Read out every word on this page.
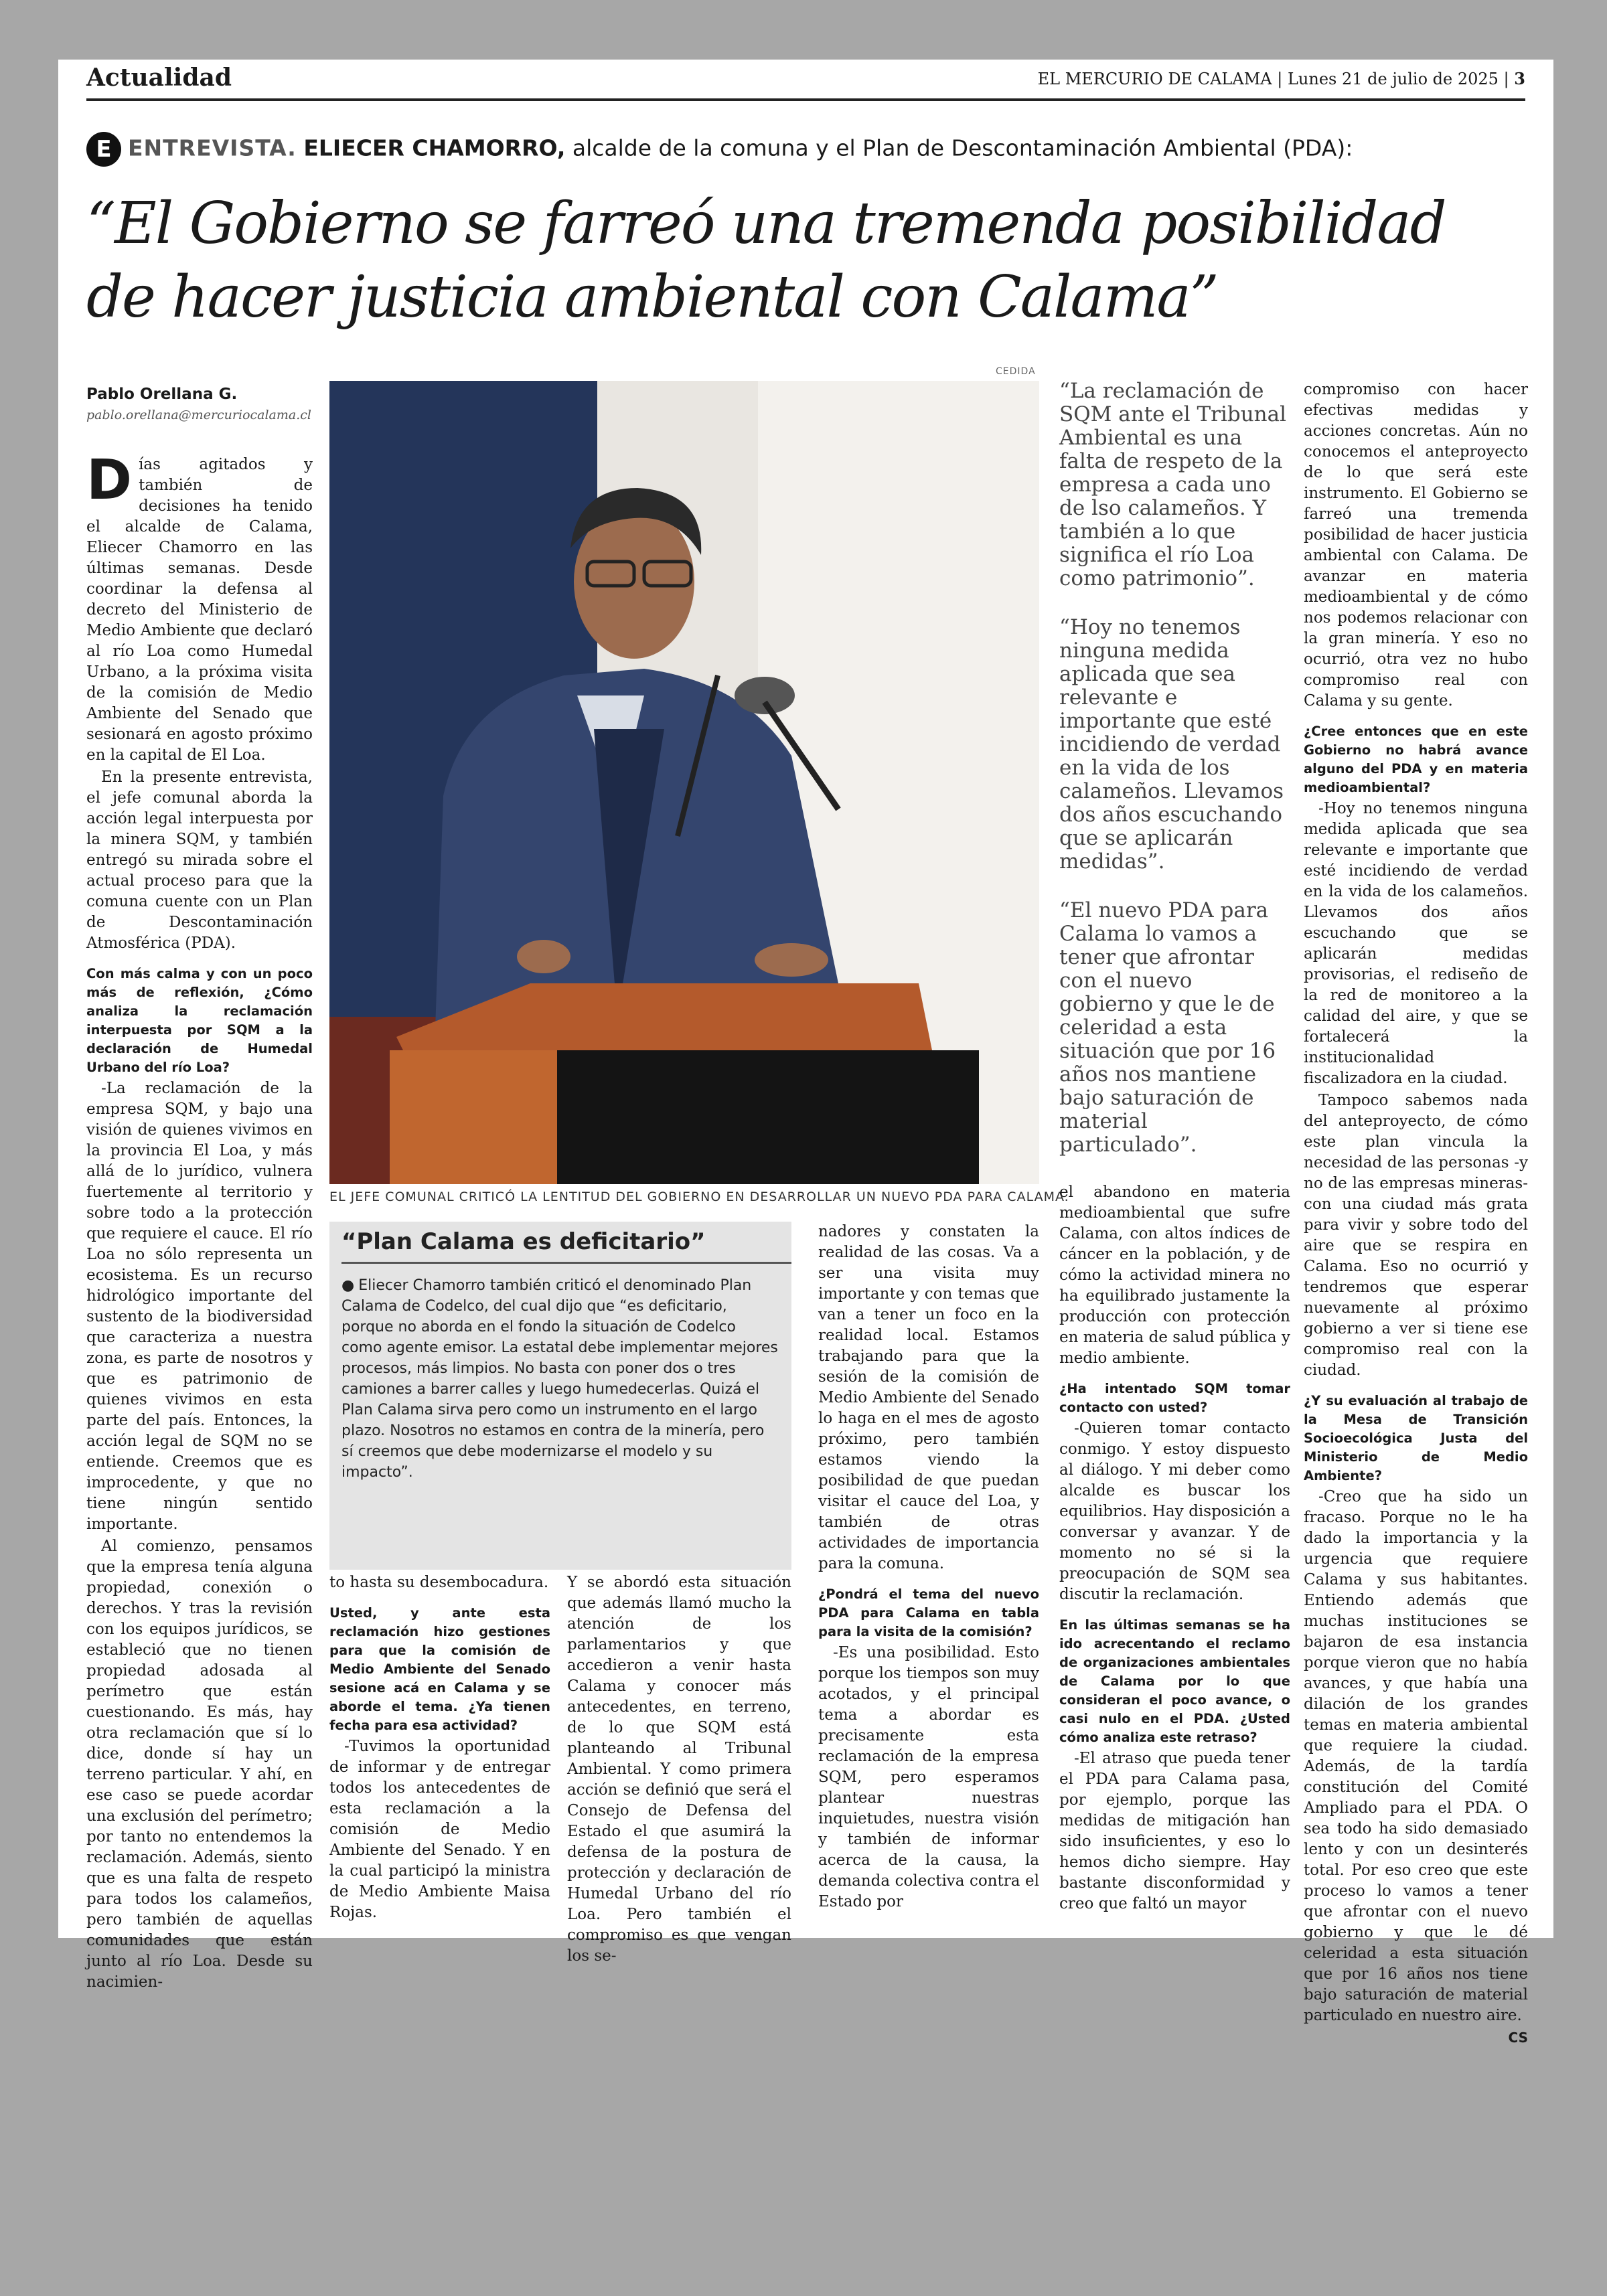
Actualidad	EL MERCURIO DE CALAMA | Lunes 21 de julio de 2025 | 3
E ENTREVISTA. ELIECER CHAMORRO, alcalde de la comuna y el Plan de Descontaminación Ambiental (PDA):
“El Gobierno se farreó una tremenda posibilidad
de hacer justicia ambiental con Calama”
Pablo Orellana G.
pablo.orellana@mercuriocalama.cl
CEDIDA
EL JEFE COMUNAL CRITICÓ LA LENTITUD DEL GOBIERNO EN DESARROLLAR UN NUEVO PDA PARA CALAMA.

Días agitados y también de decisiones ha tenido el alcalde de Calama, Eliecer Chamorro en las últimas semanas. Desde coordinar la defensa al decreto del Ministerio de Medio Ambiente que declaró al río Loa como Humedal Urbano, a la próxima visita de la comisión de Medio Ambiente del Senado que sesionará en agosto próximo en la capital de El Loa.

En la presente entrevista, el jefe comunal aborda la acción legal interpuesta por la minera SQM, y también entregó su mirada sobre el actual proceso para que la comuna cuente con un Plan de Descontaminación Atmosférica (PDA).

Con más calma y con un poco más de reflexión, ¿Cómo analiza la reclamación interpuesta por SQM a la declaración de Humedal Urbano del río Loa?

-La reclamación de la empresa SQM, y bajo una visión de quienes vivimos en la provincia El Loa, y más allá de lo jurídico, vulnera fuertemente al territorio y sobre todo a la protección que requiere el cauce. El río Loa no sólo representa un ecosistema. Es un recurso hidrológico importante del sustento de la biodiversidad que caracteriza a nuestra zona, es parte de nosotros y que es patrimonio de quienes vivimos en esta parte del país. Entonces, la acción legal de SQM no se entiende. Creemos que es improcedente, y que no tiene ningún sentido importante.

Al comienzo, pensamos que la empresa tenía alguna propiedad, conexión o derechos. Y tras la revisión con los equipos jurídicos, se estableció que no tienen propiedad adosada al perímetro que están cuestionando. Es más, hay otra reclamación que sí lo dice, donde sí hay un terreno particular. Y ahí, en ese caso se puede acordar una exclusión del perímetro; por tanto no entendemos la reclamación. Además, siento que es una falta de respeto para todos los calameños, pero también de aquellas comunidades que están junto al río Loa. Desde su nacimien-

“Plan Calama es deficitario”
● Eliecer Chamorro también criticó el denominado Plan Calama de Codelco, del cual dijo que “es deficitario, porque no aborda en el fondo la situación de Codelco como agente emisor. La estatal debe implementar mejores procesos, más limpios. No basta con poner dos o tres camiones a barrer calles y luego humedecerlas. Quizá el Plan Calama sirva pero como un instrumento en el largo plazo. Nosotros no estamos en contra de la minería, pero sí creemos que debe modernizarse el modelo y su impacto”.

to hasta su desembocadura.

Usted, y ante esta reclamación hizo gestiones para que la comisión de Medio Ambiente del Senado sesione acá en Calama y se aborde el tema. ¿Ya tienen fecha para esa actividad?

-Tuvimos la oportunidad de informar y de entregar todos los antecedentes de esta reclamación a la comisión de Medio Ambiente del Senado. Y en la cual participó la ministra de Medio Ambiente Maisa Rojas.

Y se abordó esta situación que además llamó mucho la atención de los parlamentarios y que accedieron a venir hasta Calama y conocer más antecedentes, en terreno, de lo que SQM está planteando al Tribunal Ambiental. Y como primera acción se definió que será el Consejo de Defensa del Estado el que asumirá la defensa de la postura de protección y declaración de Humedal Urbano del río Loa. Pero también el compromiso es que vengan los se-

nadores y constaten la realidad de las cosas. Va a ser una visita muy importante y con temas que van a tener un foco en la realidad local. Estamos trabajando para que la sesión de la comisión de Medio Ambiente del Senado lo haga en el mes de agosto próximo, pero también estamos viendo la posibilidad de que puedan visitar el cauce del Loa, y también de otras actividades de importancia para la comuna.

¿Pondrá el tema del nuevo PDA para Calama en tabla para la visita de la comisión?

-Es una posibilidad. Esto porque los tiempos son muy acotados, y el principal tema a abordar es precisamente esta reclamación de la empresa SQM, pero esperamos plantear nuestras inquietudes, nuestra visión y también de informar acerca de la causa, la demanda colectiva contra el Estado por

“La reclamación de SQM ante el Tribunal Ambiental es una falta de respeto de la empresa a cada uno de lso calameños. Y también a lo que significa el río Loa como patrimonio”.
“Hoy no tenemos ninguna medida aplicada que sea relevante e importante que esté incidiendo de verdad en la vida de los calameños. Llevamos dos años escuchando que se aplicarán medidas”.
“El nuevo PDA para Calama lo vamos a tener que afrontar con el nuevo gobierno y que le de celeridad a esta situación que por 16 años nos mantiene bajo saturación de material particulado”.

el abandono en materia medioambiental que sufre Calama, con altos índices de cáncer en la población, y de cómo la actividad minera no ha equilibrado justamente la producción con protección en materia de salud pública y medio ambiente.

¿Ha intentado SQM tomar contacto con usted?

-Quieren tomar contacto conmigo. Y estoy dispuesto al diálogo. Y mi deber como alcalde es buscar los equilibrios. Hay disposición a conversar y avanzar. Y de momento no sé si la preocupación de SQM sea discutir la reclamación.

En las últimas semanas se ha ido acrecentando el reclamo de organizaciones ambientales de Calama por lo que consideran el poco avance, o casi nulo en el PDA. ¿Usted cómo analiza este retraso?

-El atraso que pueda tener el PDA para Calama pasa, por ejemplo, porque las medidas de mitigación han sido insuficientes, y eso lo hemos dicho siempre. Hay bastante disconformidad y creo que faltó un mayor

compromiso con hacer efectivas medidas y acciones concretas. Aún no conocemos el anteproyecto de lo que será este instrumento. El Gobierno se farreó una tremenda posibilidad de hacer justicia ambiental con Calama. De avanzar en materia medioambiental y de cómo nos podemos relacionar con la gran minería. Y eso no ocurrió, otra vez no hubo compromiso real con Calama y su gente.

¿Cree entonces que en este Gobierno no habrá avance alguno del PDA y en materia medioambiental?

-Hoy no tenemos ninguna medida aplicada que sea relevante e importante que esté incidiendo de verdad en la vida de los calameños. Llevamos dos años escuchando que se aplicarán medidas provisorias, el rediseño de la red de monitoreo a la calidad del aire, y que se fortalecerá la institucionalidad fiscalizadora en la ciudad.

Tampoco sabemos nada del anteproyecto, de cómo este plan vincula la necesidad de las personas -y no de las empresas mineras- con una ciudad más grata para vivir y sobre todo del aire que se respira en Calama. Eso no ocurrió y tendremos que esperar nuevamente al próximo gobierno a ver si tiene ese compromiso real con la ciudad.

¿Y su evaluación al trabajo de la Mesa de Transición Socioecológica Justa del Ministerio de Medio Ambiente?

-Creo que ha sido un fracaso. Porque no le ha dado la importancia y la urgencia que requiere Calama y sus habitantes. Entiendo además que muchas instituciones se bajaron de esa instancia porque vieron que no había avances, y que había una dilación de los grandes temas en materia ambiental que requiere la ciudad. Además, de la tardía constitución del Comité Ampliado para el PDA. O sea todo ha sido demasiado lento y con un desinterés total. Por eso creo que este proceso lo vamos a tener que afrontar con el nuevo gobierno y que le dé celeridad a esta situación que por 16 años nos tiene bajo saturación de material particulado en nuestro aire.

CS
